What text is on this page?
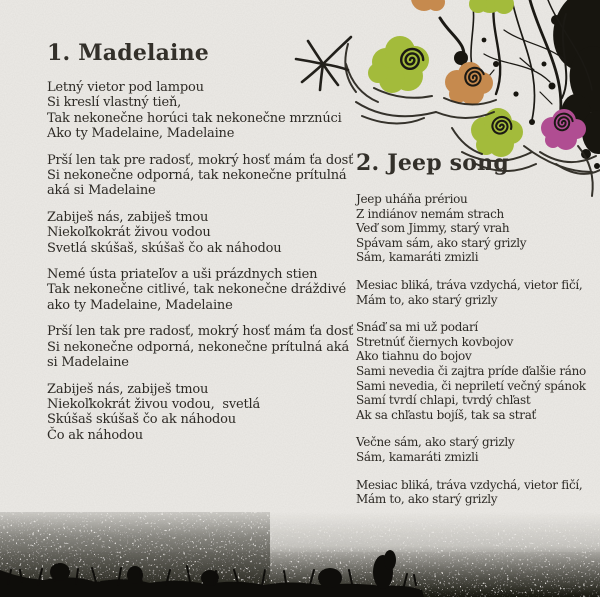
1. Madelaine

Letný vietor pod lampou
Si kreslí vlastný tieň,
Tak nekonečne horúci tak nekonečne mrznúci
Ako ty Madelaine, Madelaine

Prší len tak pre radosť, mokrý hosť mám ťa dosť
Si nekonečne odporná, tak nekonečne prítulná
aká si Madelaine

Zabiješ nás, zabiješ tmou
Niekoľkokrát živou vodou
Svetlá skúšaš, skúšaš čo ak náhodou

Nemé ústa priateľov a uši prázdnych stien
Tak nekonečne citlivé, tak nekonečne dráždivé
ako ty Madelaine, Madelaine

Prší len tak pre radosť, mokrý hosť mám ťa dosť
Si nekonečne odporná, nekonečne prítulná aká
si Madelaine

Zabiješ nás, zabiješ tmou
Niekoľkokrát živou vodou,  svetlá
Skúšaš skúšaš čo ak náhodou
Čo ak náhodou

2. Jeep song

Jeep uháňa prériou
Z indiánov nemám strach
Veď som Jimmy, starý vrah
Spávam sám, ako starý grizly
Sám, kamaráti zmizli

Mesiac bliká, tráva vzdychá, vietor fičí,
Mám to, ako starý grizly

Snáď sa mi už podarí
Stretnúť čiernych kovbojov
Ako tiahnu do bojov
Sami nevedia či zajtra príde ďalšie ráno
Sami nevedia, či nepriletí večný spánok
Samí tvrdí chlapi, tvrdý chľast
Ak sa chľastu bojíš, tak sa strať

Večne sám, ako starý grizly
Sám, kamaráti zmizli

Mesiac bliká, tráva vzdychá, vietor fičí,
Mám to, ako starý grizly
